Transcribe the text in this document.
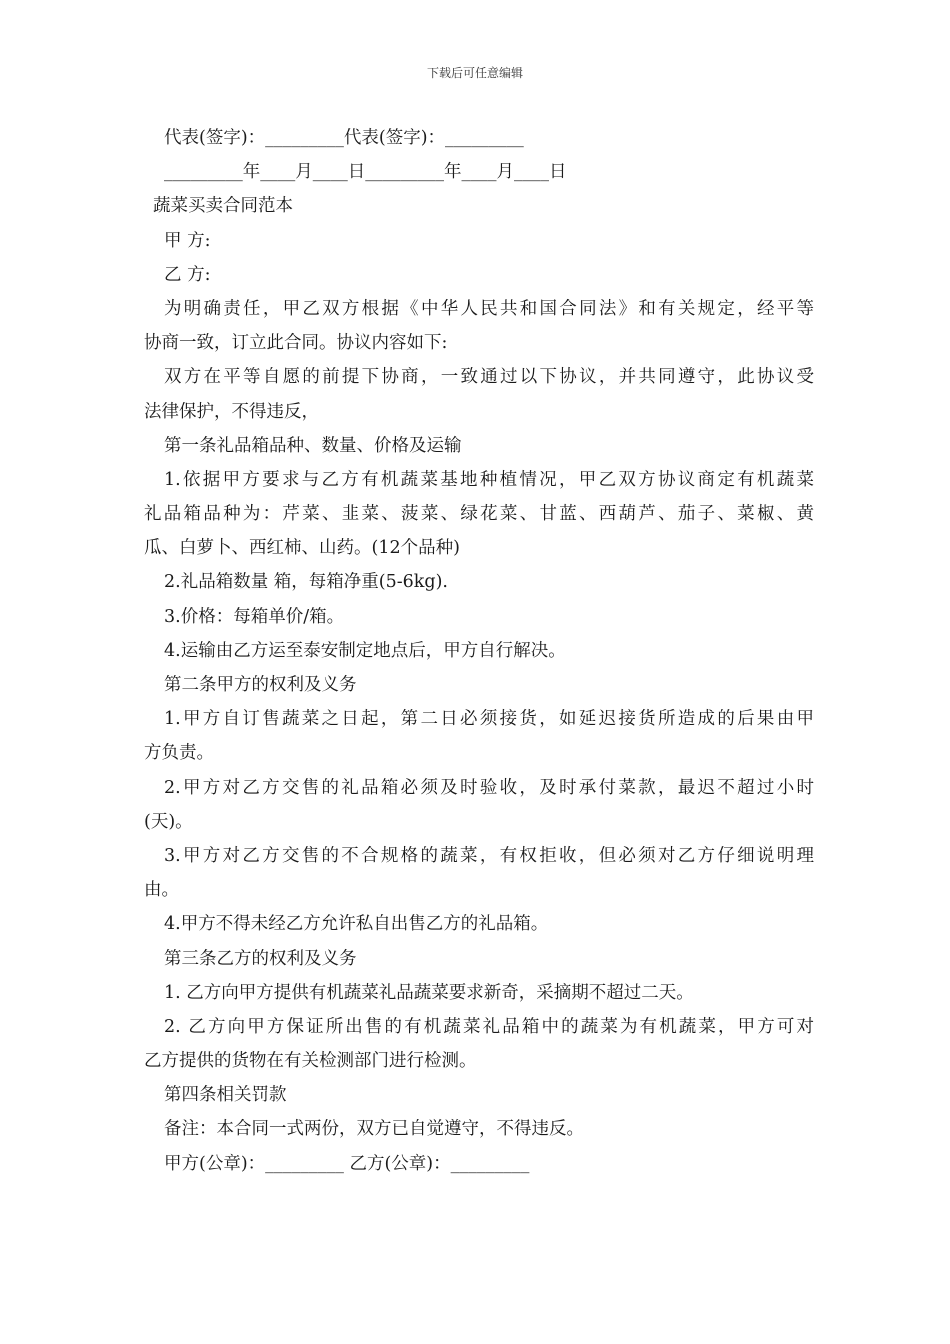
下载后可任意编辑
代表(签字)：_________代表(签字)：_________
_________年____月____日_________年____月____日
蔬菜买卖合同范本
甲 方:
乙 方:
为明确责任，甲乙双方根据《中华人民共和国合同法》和有关规定，经平等
协商一致，订立此合同。协议内容如下:
双方在平等自愿的前提下协商，一致通过以下协议，并共同遵守，此协议受
法律保护，不得违反，
第一条礼品箱品种、数量、价格及运输
1.依据甲方要求与乙方有机蔬菜基地种植情况，甲乙双方协议商定有机蔬菜
礼品箱品种为：芹菜、韭菜、菠菜、绿花菜、甘蓝、西葫芦、茄子、菜椒、黄
瓜、白萝卜、西红柿、山药。(12个品种)
2.礼品箱数量 箱，每箱净重(5-6kg).
3.价格：每箱单价/箱。
4.运输由乙方运至泰安制定地点后，甲方自行解决。
第二条甲方的权利及义务
1.甲方自订售蔬菜之日起，第二日必须接货，如延迟接货所造成的后果由甲
方负责。
2.甲方对乙方交售的礼品箱必须及时验收，及时承付菜款，最迟不超过小时
(天)。
3.甲方对乙方交售的不合规格的蔬菜，有权拒收，但必须对乙方仔细说明理
由。
4.甲方不得未经乙方允许私自出售乙方的礼品箱。
第三条乙方的权利及义务
1. 乙方向甲方提供有机蔬菜礼品蔬菜要求新奇，采摘期不超过二天。
2. 乙方向甲方保证所出售的有机蔬菜礼品箱中的蔬菜为有机蔬菜，甲方可对
乙方提供的货物在有关检测部门进行检测。
第四条相关罚款
备注：本合同一式两份，双方已自觉遵守，不得违反。
甲方(公章)：_________ 乙方(公章)：_________
